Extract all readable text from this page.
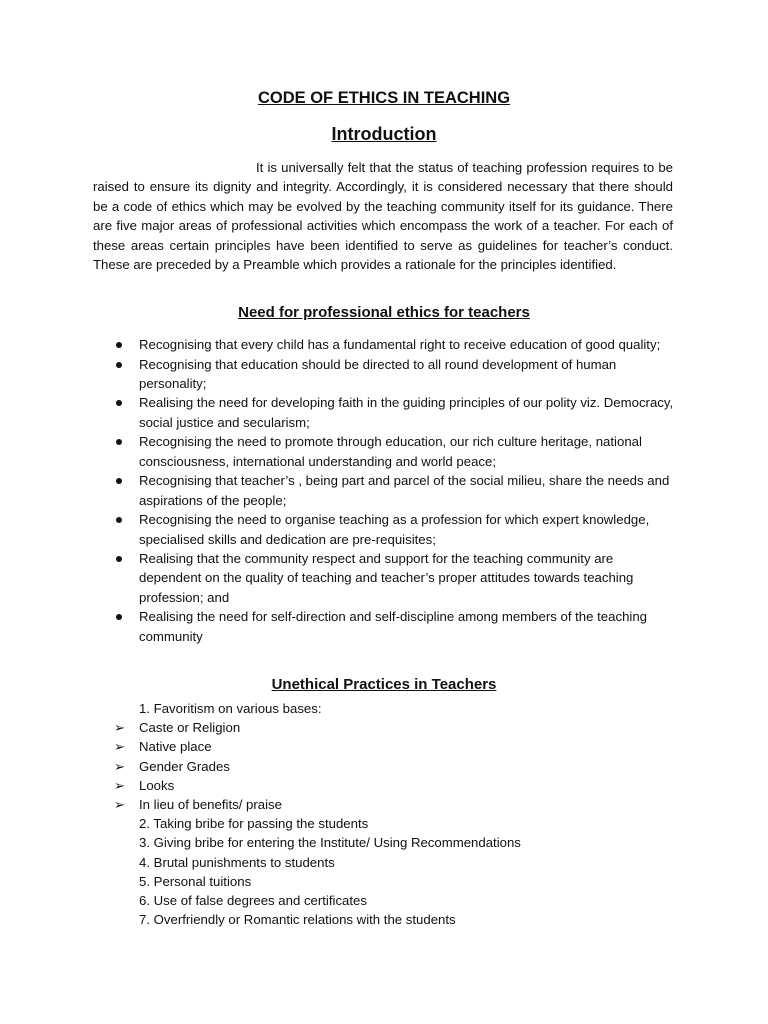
CODE OF ETHICS IN TEACHING
Introduction

It is universally felt that the status of teaching profession requires to be raised to ensure its dignity and integrity. Accordingly, it is considered necessary that there should be a code of ethics which may be evolved by the teaching community itself for its guidance. There are five major areas of professional activities which encompass the work of a teacher. For each of these areas certain principles have been identified to serve as guidelines for teacher’s conduct. These are preceded by a Preamble which provides a rationale for the principles identified.

Need for professional ethics for teachers
Recognising that every child has a fundamental right to receive education of good quality;
Recognising that education should be directed to all round development of human personality;
Realising the need for developing faith in the guiding principles of our polity viz. Democracy, social justice and secularism;
Recognising the need to promote through education, our rich culture heritage, national consciousness, international understanding and world peace;
Recognising that teacher’s , being part and parcel of the social milieu, share the needs and aspirations of the people;
Recognising the need to organise teaching as a profession for which expert knowledge, specialised skills and dedication are pre-requisites;
Realising that the community respect and support for the teaching community are dependent on the quality of teaching and teacher’s proper attitudes towards teaching profession; and
Realising the need for self-direction and self-discipline among members of the teaching community
Unethical Practices in Teachers
1. Favoritism on various bases:
➢ Caste or Religion
➢ Native place
➢ Gender Grades
➢ Looks
➢ In lieu of benefits/ praise
2. Taking bribe for passing the students
3. Giving bribe for entering the Institute/ Using Recommendations
4. Brutal punishments to students
5. Personal tuitions
6. Use of false degrees and certificates
7. Overfriendly or Romantic relations with the students
